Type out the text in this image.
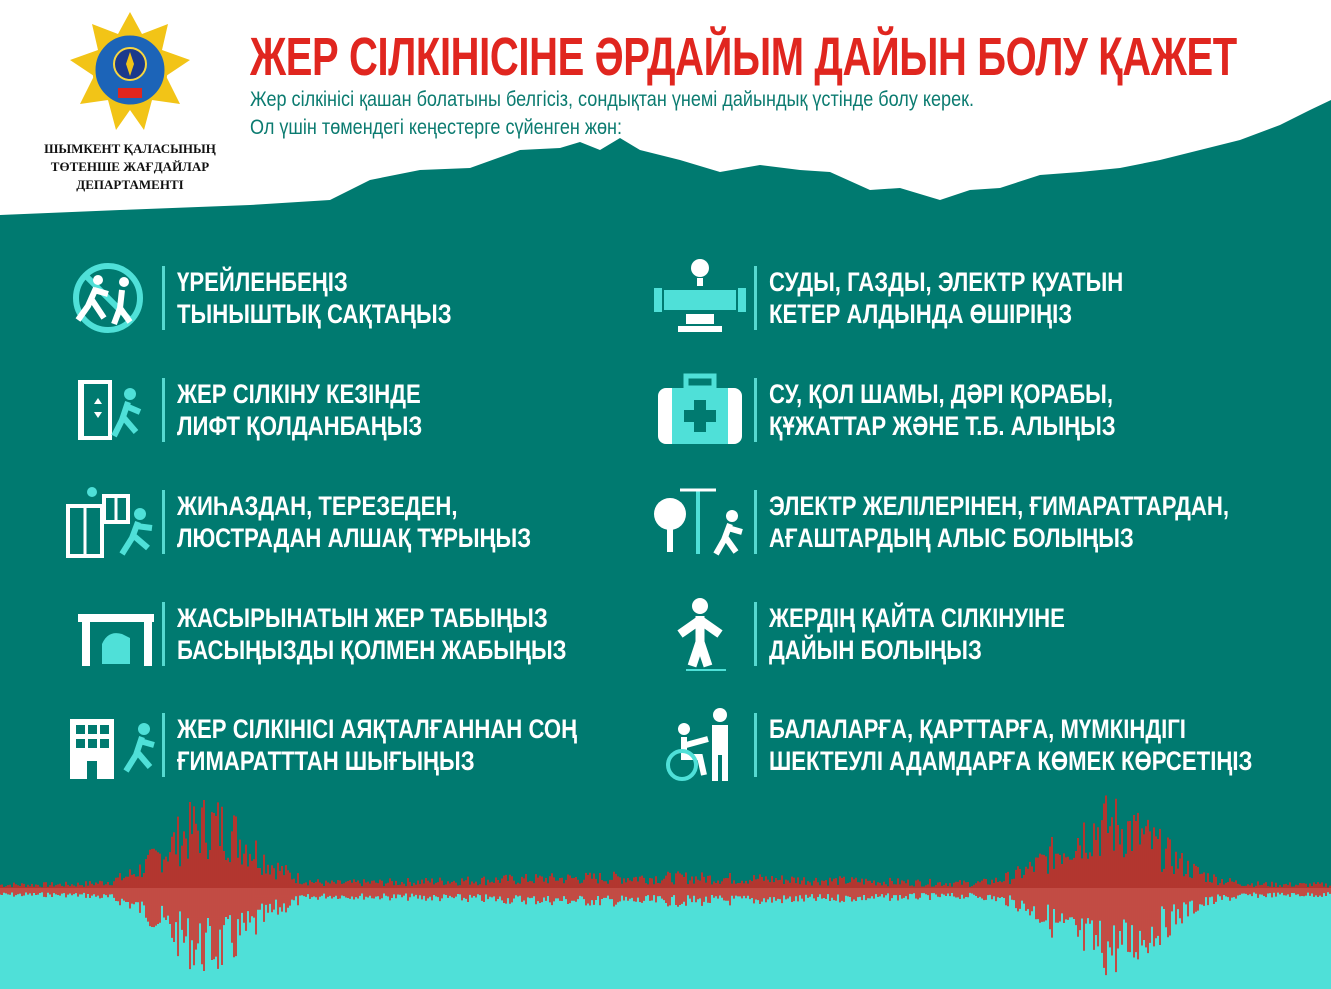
ШЫМКЕНТ ҚАЛАСЫНЫҢ
ТӨТЕНШЕ ЖАҒДАЙЛАР
ДЕПАРТАМЕНТІ
ЖЕР СІЛКІНІСІНЕ ӘРДАЙЫМ ДАЙЫН БОЛУ ҚАЖЕТ
Жер сілкінісі қашан болатыны белгісіз, сондықтан үнемі дайындық үстінде болу керек.
Ол үшін төмендегі кеңестерге сүйенген жөн:
ҮРЕЙЛЕНБЕҢІЗ
ТЫНЫШТЫҚ САҚТАҢЫЗ
ЖЕР СІЛКІНУ КЕЗІНДЕ
ЛИФТ ҚОЛДАНБАҢЫЗ
ЖИҺАЗДАН, ТЕРЕЗЕДЕН,
ЛЮСТРАДАН АЛШАҚ ТҰРЫҢЫЗ
ЖАСЫРЫНАТЫН ЖЕР ТАБЫҢЫЗ
БАСЫҢЫЗДЫ ҚОЛМЕН ЖАБЫҢЫЗ
ЖЕР СІЛКІНІСІ АЯҚТАЛҒАННАН СОҢ
ҒИМАРАТТТАН ШЫҒЫҢЫЗ
СУДЫ, ГАЗДЫ, ЭЛЕКТР ҚУАТЫН
КЕТЕР АЛДЫНДА ӨШІРІҢІЗ
СУ, ҚОЛ ШАМЫ, ДӘРІ ҚОРАБЫ,
ҚҰЖАТТАР ЖӘНЕ Т.Б. АЛЫҢЫЗ
ЭЛЕКТР ЖЕЛІЛЕРІНЕН, ҒИМАРАТТАРДАН,
АҒАШТАРДЫҢ АЛЫС БОЛЫҢЫЗ
ЖЕРДІҢ ҚАЙТА СІЛКІНУІНЕ
ДАЙЫН БОЛЫҢЫЗ
БАЛАЛАРҒА, ҚАРТТАРҒА, МҮМКІНДІГІ
ШЕКТЕУЛІ АДАМДАРҒА КӨМЕК КӨРСЕТІҢІЗ
